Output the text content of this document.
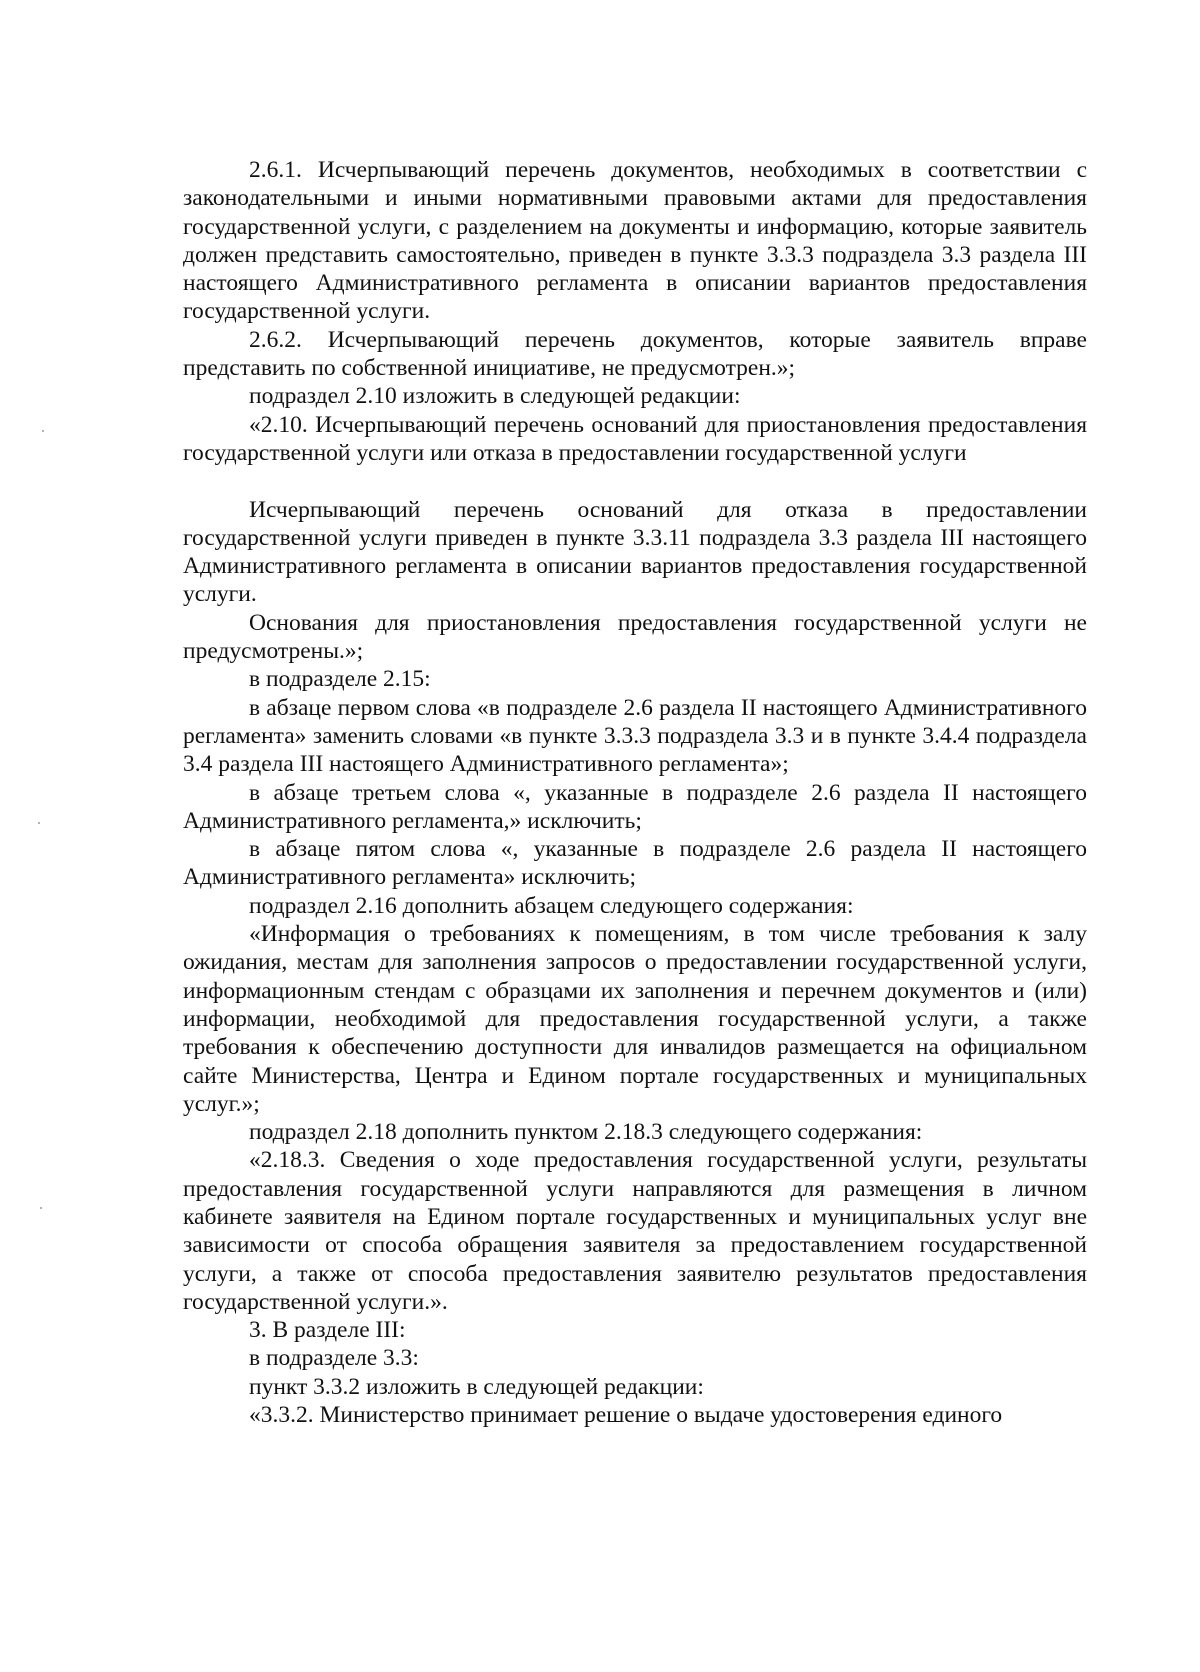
2.6.1. Исчерпывающий перечень документов, необходимых в соответствии с законодательными и иными нормативными правовыми актами для предоставления государственной услуги, с разделением на документы и информацию, которые заявитель должен представить самостоятельно, приведен в пункте 3.3.3 подраздела 3.3 раздела III настоящего Административного регламента в описании вариантов предоставления государственной услуги.

2.6.2. Исчерпывающий перечень документов, которые заявитель вправе представить по собственной инициативе, не предусмотрен.»;

подраздел 2.10 изложить в следующей редакции:

«2.10. Исчерпывающий перечень оснований для приостановления предоставления государственной услуги или отказа в предоставлении государственной услуги

Исчерпывающий перечень оснований для отказа в предоставлении государственной услуги приведен в пункте 3.3.11 подраздела 3.3 раздела III настоящего Административного регламента в описании вариантов предоставления государственной услуги.

Основания для приостановления предоставления государственной услуги не предусмотрены.»;

в подразделе 2.15:

в абзаце первом слова «в подразделе 2.6 раздела II настоящего Административного регламента» заменить словами «в пункте 3.3.3 подраздела 3.3 и в пункте 3.4.4 подраздела 3.4 раздела III настоящего Административного регламента»;

в абзаце третьем слова «, указанные в подразделе 2.6 раздела II настоящего Административного регламента,» исключить;

в абзаце пятом слова «, указанные в подразделе 2.6 раздела II настоящего Административного регламента» исключить;

подраздел 2.16 дополнить абзацем следующего содержания:

«Информация о требованиях к помещениям, в том числе требования к залу ожидания, местам для заполнения запросов о предоставлении государственной услуги, информационным стендам с образцами их заполнения и перечнем документов и (или) информации, необходимой для предоставления государственной услуги, а также требования к обеспечению доступности для инвалидов размещается на официальном сайте Министерства, Центра и Едином портале государственных и муниципальных услуг.»;

подраздел 2.18 дополнить пунктом 2.18.3 следующего содержания:

«2.18.3. Сведения о ходе предоставления государственной услуги, результаты предоставления государственной услуги направляются для размещения в личном кабинете заявителя на Едином портале государственных и муниципальных услуг вне зависимости от способа обращения заявителя за предоставлением государственной услуги, а также от способа предоставления заявителю результатов предоставления государственной услуги.».

3. В разделе III:

в подразделе 3.3:

пункт 3.3.2 изложить в следующей редакции:

«3.3.2. Министерство принимает решение о выдаче удостоверения единого
